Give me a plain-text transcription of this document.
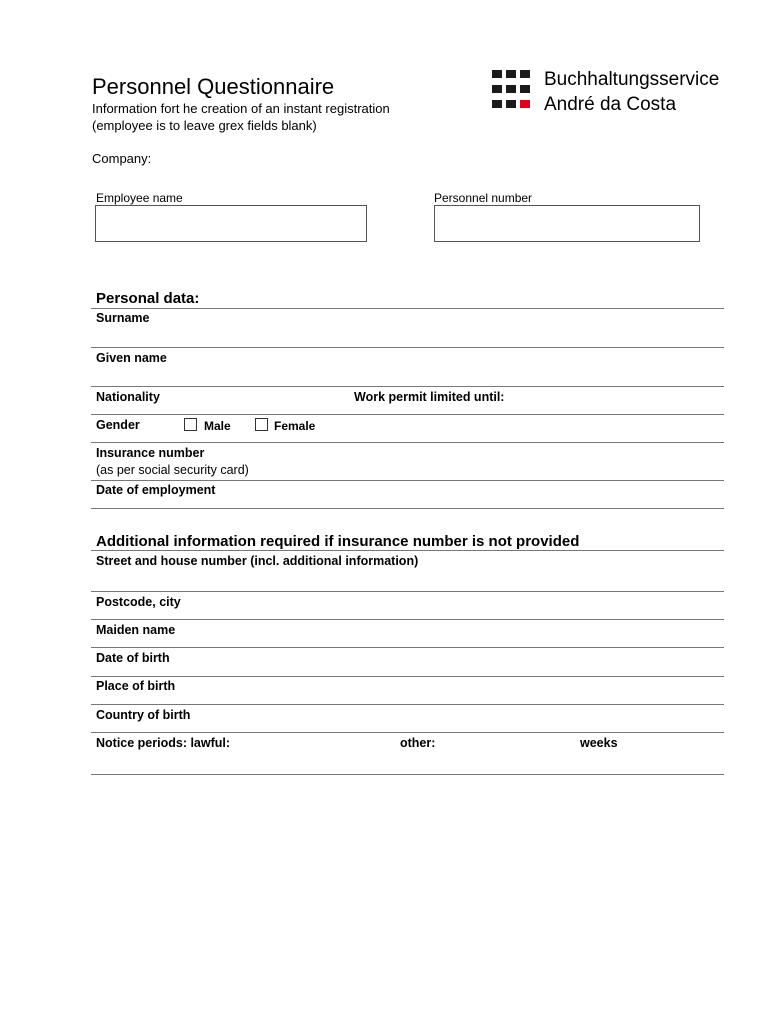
Personnel Questionnaire
Information fort he creation of an instant registration
(employee is to leave grex fields blank)
Company:
Buchhaltungsservice
André da Costa
Employee name	Personnel number
Personal data:
Surname
Given name
Nationality	Work permit limited until:
Gender	Male	Female
Insurance number
(as per social security card)
Date of employment
Additional information required if insurance number is not provided
Street and house number (incl. additional information)
Postcode, city
Maiden name
Date of birth
Place of birth
Country of birth
Notice periods: lawful:	other:	weeks
